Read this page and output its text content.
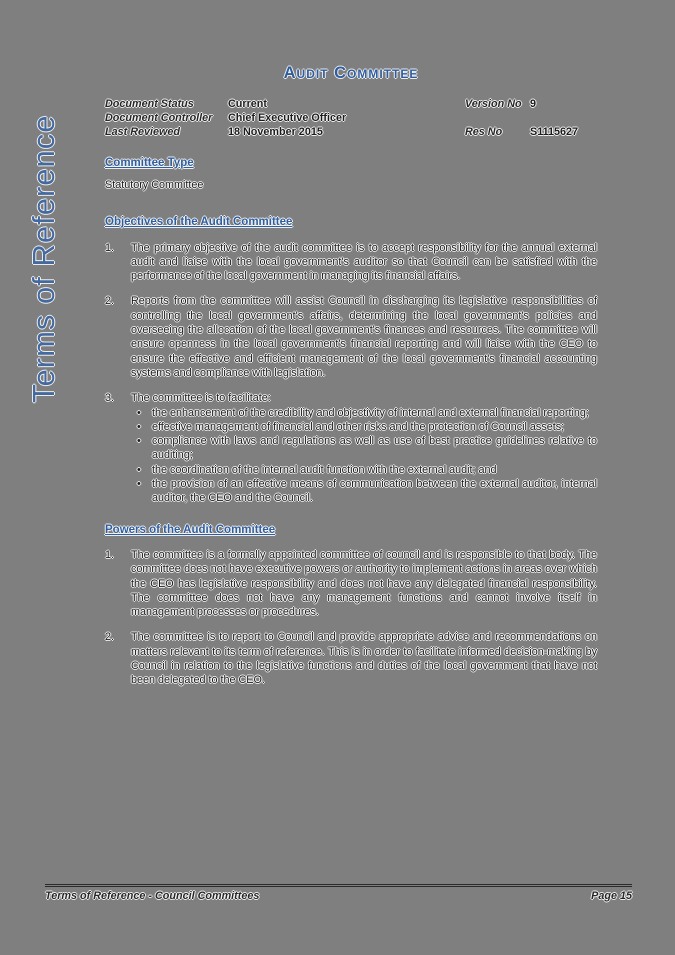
Terms of Reference
Audit Committee
Document Status	Current	Version No 9
Document Controller	Chief Executive Officer
Last Reviewed	18 November 2015	Res No	S1115627
Committee Type
Statutory Committee
Objectives of the Audit Committee
1.	The primary objective of the audit committee is to accept responsibility for the annual external audit and liaise with the local government's auditor so that Council can be satisfied with the performance of the local government in managing its financial affairs.
2.	Reports from the committee will assist Council in discharging its legislative responsibilities of controlling the local government's affairs, determining the local government's policies and overseeing the allocation of the local government's finances and resources. The committee will ensure openness in the local government's financial reporting and will liaise with the CEO to ensure the effective and efficient management of the local government's financial accounting systems and compliance with legislation.
3.	The committee is to facilitate:
•	the enhancement of the credibility and objectivity of internal and external financial reporting;
•	effective management of financial and other risks and the protection of Council assets;
•	compliance with laws and regulations as well as use of best practice guidelines relative to auditing;
•	the coordination of the internal audit function with the external audit; and
•	the provision of an effective means of communication between the external auditor, internal auditor, the CEO and the Council.
Powers of the Audit Committee
1.	The committee is a formally appointed committee of council and is responsible to that body. The committee does not have executive powers or authority to implement actions in areas over which the CEO has legislative responsibility and does not have any delegated financial responsibility. The committee does not have any management functions and cannot involve itself in management processes or procedures.
2.	The committee is to report to Council and provide appropriate advice and recommendations on matters relevant to its term of reference. This is in order to facilitate informed decision-making by Council in relation to the legislative functions and duties of the local government that have not been delegated to the CEO.
Terms of Reference - Council Committees	Page 15
